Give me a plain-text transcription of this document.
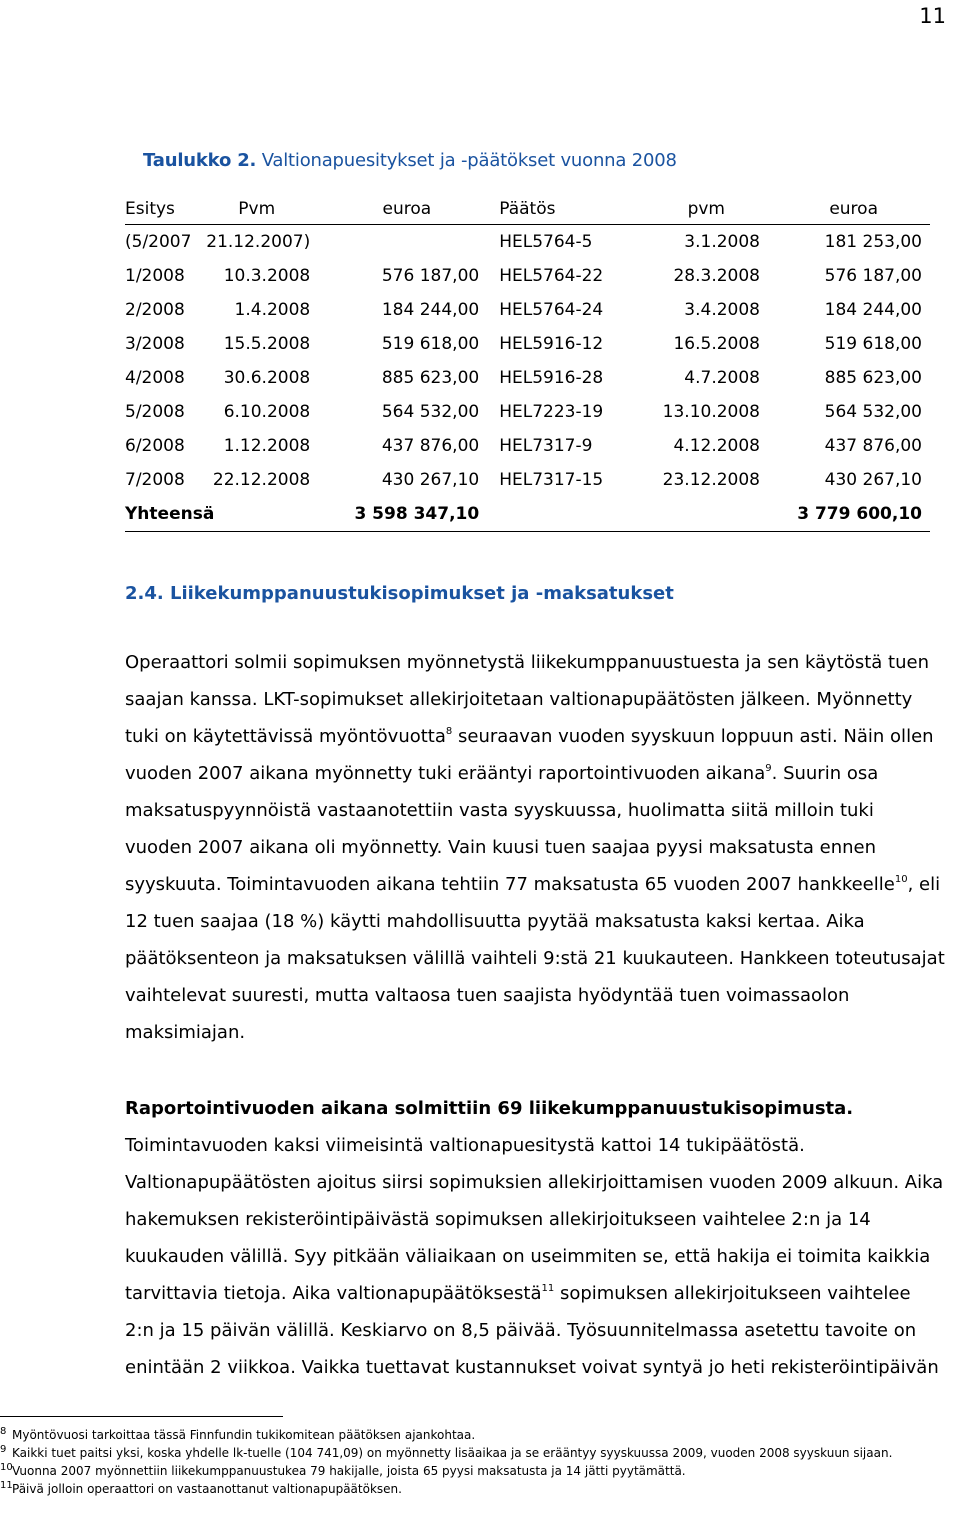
11
Taulukko 2. Valtionapuesitykset ja -päätökset vuonna 2008
Esitys	Pvm	euroa	Päätös	pvm	euroa
(5/2007	21.12.2007)		HEL5764-5	3.1.2008	181 253,00
1/2008	10.3.2008	576 187,00	HEL5764-22	28.3.2008	576 187,00
2/2008	1.4.2008	184 244,00	HEL5764-24	3.4.2008	184 244,00
3/2008	15.5.2008	519 618,00	HEL5916-12	16.5.2008	519 618,00
4/2008	30.6.2008	885 623,00	HEL5916-28	4.7.2008	885 623,00
5/2008	6.10.2008	564 532,00	HEL7223-19	13.10.2008	564 532,00
6/2008	1.12.2008	437 876,00	HEL7317-9	4.12.2008	437 876,00
7/2008	22.12.2008	430 267,10	HEL7317-15	23.12.2008	430 267,10
Yhteensä		3 598 347,10			3 779 600,10
2.4. Liikekumppanuustukisopimukset ja -maksatukset
Operaattori solmii sopimuksen myönnetystä liikekumppanuustuesta ja sen käytöstä tuen saajan kanssa. LKT-sopimukset allekirjoitetaan valtionapupäätösten jälkeen. Myönnetty tuki on käytettävissä myöntövuotta$^8$ seuraavan vuoden syyskuun loppuun asti. Näin ollen vuoden 2007 aikana myönnetty tuki erääntyi raportointivuoden aikana$^9$. Suurin osa maksatuspyynnöistä vastaanotettiin vasta syyskuussa, huolimatta siitä milloin tuki vuoden 2007 aikana oli myönnetty. Vain kuusi tuen saajaa pyysi maksatusta ennen syyskuuta. Toimintavuoden aikana tehtiin 77 maksatusta 65 vuoden 2007 hankkeelle$^{10}$, eli 12 tuen saajaa (18 %) käytti mahdollisuutta pyytää maksatusta kaksi kertaa. Aika päätöksenteon ja maksatuksen välillä vaihteli 9:stä 21 kuukauteen. Hankkeen toteutusajat vaihtelevat suuresti, mutta valtaosa tuen saajista hyödyntää tuen voimassaolon maksimiajan.
Raportointivuoden aikana solmittiin 69 liikekumppanuustukisopimusta. Toimintavuoden kaksi viimeisintä valtionapuesitystä kattoi 14 tukipäätöstä. Valtionapupäätösten ajoitus siirsi sopimuksien allekirjoittamisen vuoden 2009 alkuun. Aika hakemuksen rekisteröintipäivästä sopimuksen allekirjoitukseen vaihtelee 2:n ja 14 kuukauden välillä. Syy pitkään väliaikaan on useimmiten se, että hakija ei toimita kaikkia tarvittavia tietoja. Aika valtionapupäätöksestä$^{11}$ sopimuksen allekirjoitukseen vaihtelee 2:n ja 15 päivän välillä. Keskiarvo on 8,5 päivää. Työsuunnitelmassa asetettu tavoite on enintään 2 viikkoa. Vaikka tuettavat kustannukset voivat syntyä jo heti rekisteröintipäivän
8 Myöntövuosi tarkoittaa tässä Finnfundin tukikomitean päätöksen ajankohtaa.
9 Kaikki tuet paitsi yksi, koska yhdelle lk-tuelle (104 741,09) on myönnetty lisäaikaa ja se erääntyy syyskuussa 2009, vuoden 2008 syyskuun sijaan.
10 Vuonna 2007 myönnettiin liikekumppanuustukea 79 hakijalle, joista 65 pyysi maksatusta ja 14 jätti pyytämättä.
11 Päivä jolloin operaattori on vastaanottanut valtionapupäätöksen.
